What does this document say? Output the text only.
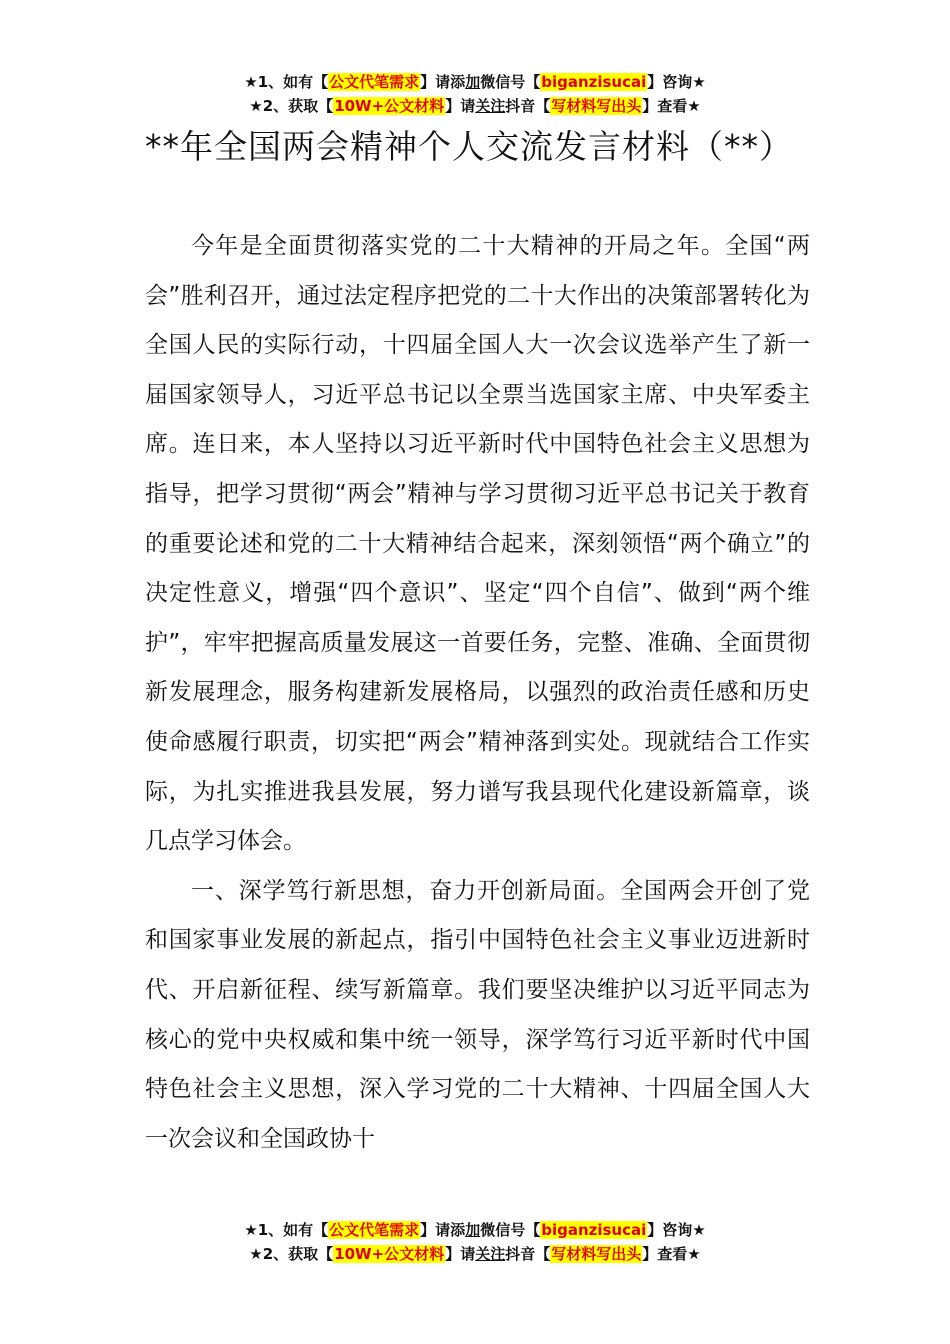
★1、如有【公文代笔需求】请添加微信号【biganzisucai】咨询★
★2、获取【10W+公文材料】请关注抖音【写材料写出头】查看★
**年全国两会精神个人交流发言材料（**）

今年是全面贯彻落实党的二十大精神的开局之年。全国“两会”胜利召开，通过法定程序把党的二十大作出的决策部署转化为全国人民的实际行动，十四届全国人大一次会议选举产生了新一届国家领导人，习近平总书记以全票当选国家主席、中央军委主席。连日来，本人坚持以习近平新时代中国特色社会主义思想为指导，把学习贯彻“两会”精神与学习贯彻习近平总书记关于教育的重要论述和党的二十大精神结合起来，深刻领悟“两个确立”的决定性意义，增强“四个意识”、坚定“四个自信”、做到“两个维护”，牢牢把握高质量发展这一首要任务，完整、准确、全面贯彻新发展理念，服务构建新发展格局，以强烈的政治责任感和历史使命感履行职责，切实把“两会”精神落到实处。现就结合工作实际，为扎实推进我县发展，努力谱写我县现代化建设新篇章，谈几点学习体会。

一、深学笃行新思想，奋力开创新局面。全国两会开创了党和国家事业发展的新起点，指引中国特色社会主义事业迈进新时代、开启新征程、续写新篇章。我们要坚决维护以习近平同志为核心的党中央权威和集中统一领导，深学笃行习近平新时代中国特色社会主义思想，深入学习党的二十大精神、十四届全国人大一次会议和全国政协十

★1、如有【公文代笔需求】请添加微信号【biganzisucai】咨询★
★2、获取【10W+公文材料】请关注抖音【写材料写出头】查看★
